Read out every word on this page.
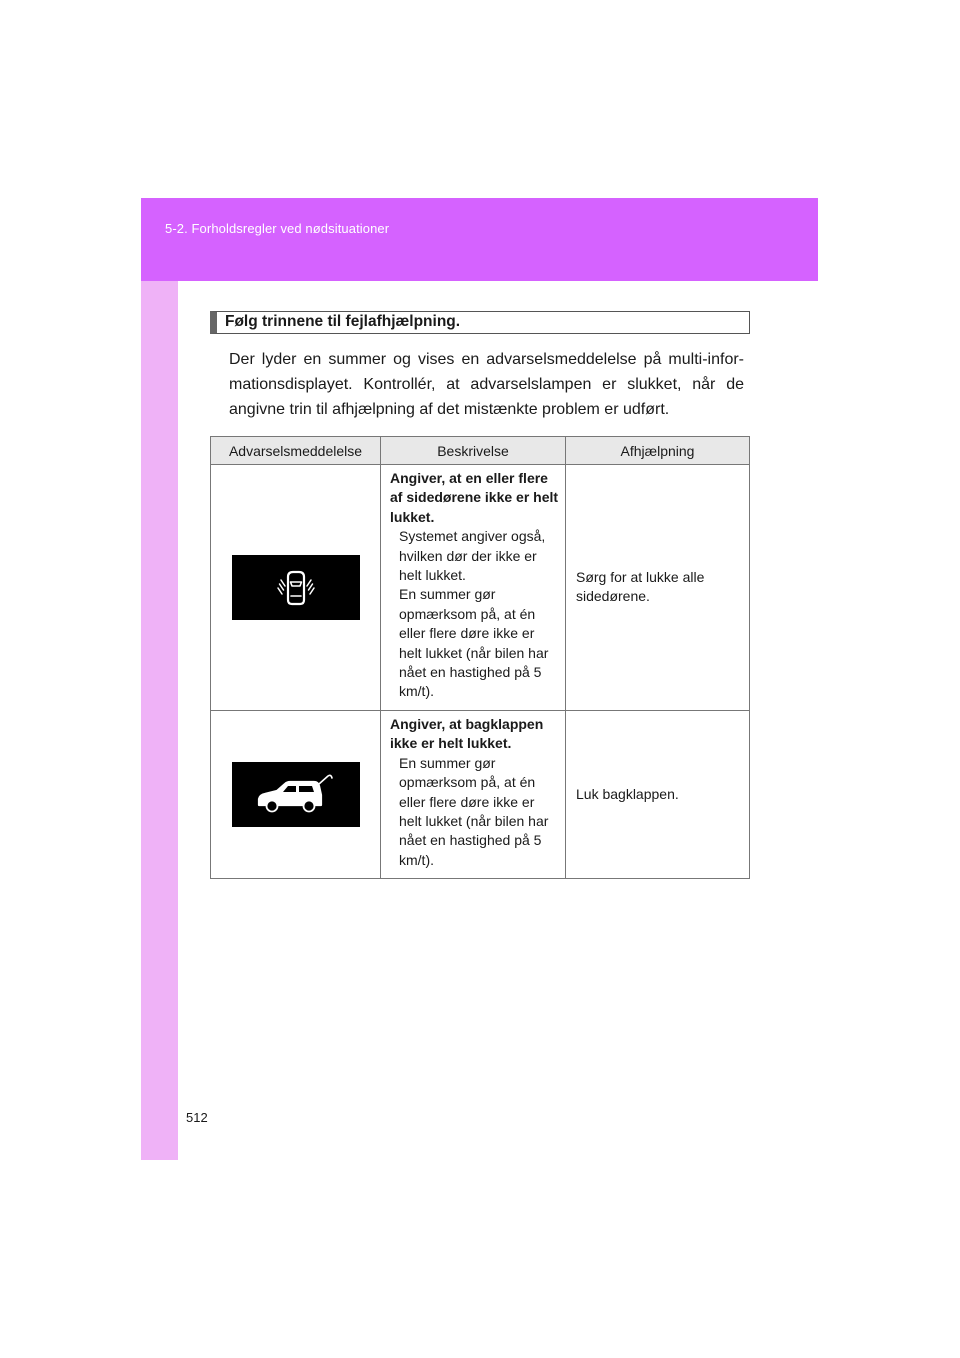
5-2. Forholdsregler ved nødsituationer
Følg trinnene til fejlafhjælpning.

Der lyder en summer og vises en advarselsmeddelelse på multi-informationsdisplayet. Kontrollér, at advarselslampen er slukket, når de angivne trin til afhjælpning af det mistænkte problem er udført.

Advarselsmeddelelse	Beskrivelse	Afhjælpning

Angiver, at en eller flere af sidedørene ikke er helt lukket.
Systemet angiver også, hvilken dør der ikke er helt lukket.
En summer gør opmærksom på, at én eller flere døre ikke er helt lukket (når bilen har nået en hastighed på 5 km/t).	Sørg for at lukke alle sidedørene.

Angiver, at bagklappen ikke er helt lukket.
En summer gør opmærksom på, at én eller flere døre ikke er helt lukket (når bilen har nået en hastighed på 5 km/t).	Luk bagklappen.
512
